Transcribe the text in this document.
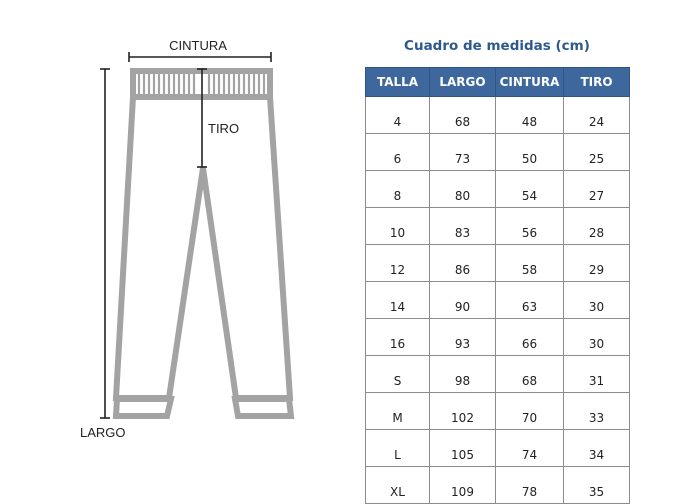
CINTURA
TIRO
LARGO
Cuadro de medidas (cm)
TALLA	LARGO	CINTURA	TIRO
4	68	48	24
6	73	50	25
8	80	54	27
10	83	56	28
12	86	58	29
14	90	63	30
16	93	66	30
S	98	68	31
M	102	70	33
L	105	74	34
XL	109	78	35
